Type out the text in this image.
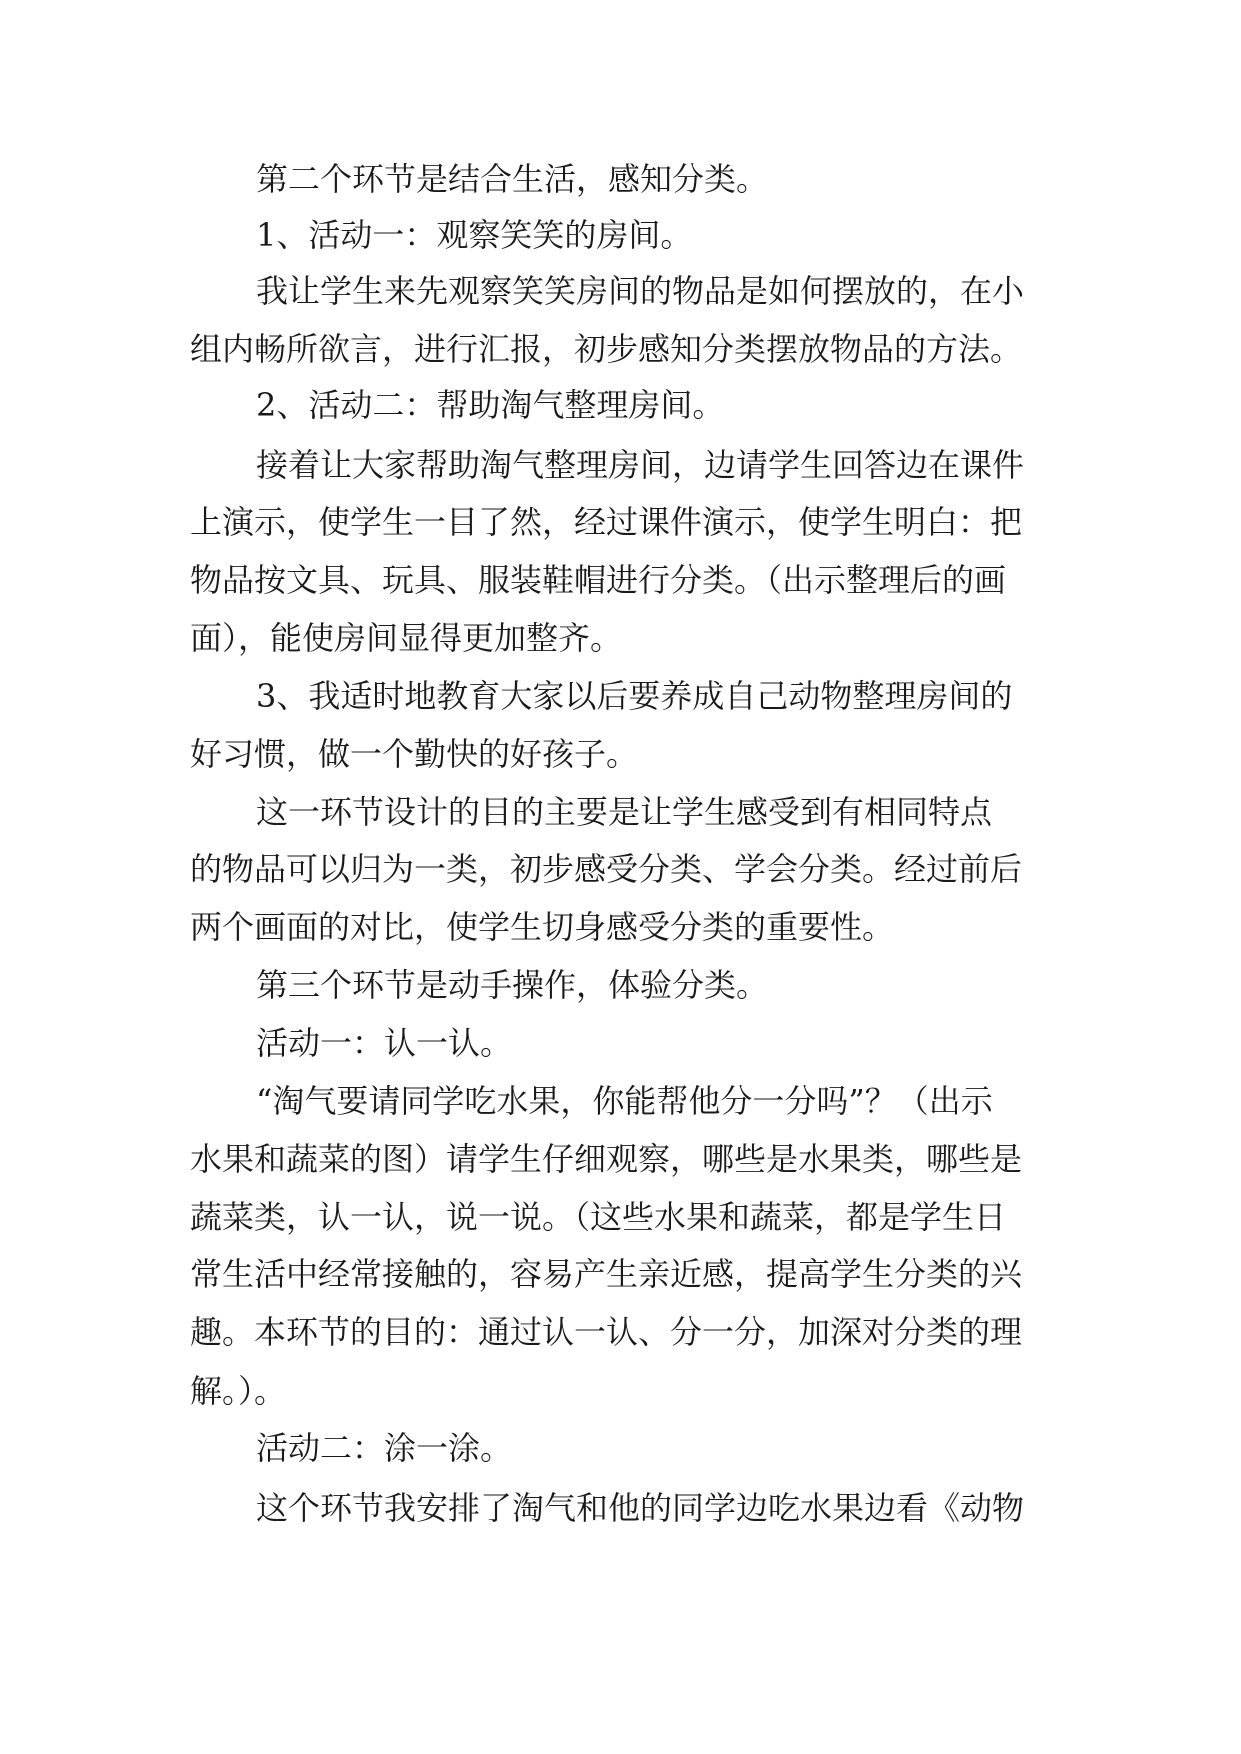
第二个环节是结合生活，感知分类。
1、活动一：观察笑笑的房间。
我让学生来先观察笑笑房间的物品是如何摆放的，在小
组内畅所欲言，进行汇报，初步感知分类摆放物品的方法。
2、活动二：帮助淘气整理房间。
接着让大家帮助淘气整理房间，边请学生回答边在课件
上演示，使学生一目了然，经过课件演示，使学生明白：把
物品按文具、玩具、服装鞋帽进行分类。（出示整理后的画
面），能使房间显得更加整齐。
3、我适时地教育大家以后要养成自己动物整理房间的
好习惯，做一个勤快的好孩子。
这一环节设计的目的主要是让学生感受到有相同特点
的物品可以归为一类，初步感受分类、学会分类。经过前后
两个画面的对比，使学生切身感受分类的重要性。
第三个环节是动手操作，体验分类。
活动一：认一认。
“淘气要请同学吃水果，你能帮他分一分吗”？（出示
水果和蔬菜的图）请学生仔细观察，哪些是水果类，哪些是
蔬菜类，认一认，说一说。（这些水果和蔬菜，都是学生日
常生活中经常接触的，容易产生亲近感，提高学生分类的兴
趣。本环节的目的：通过认一认、分一分，加深对分类的理
解。）。
活动二：涂一涂。
这个环节我安排了淘气和他的同学边吃水果边看《动物
